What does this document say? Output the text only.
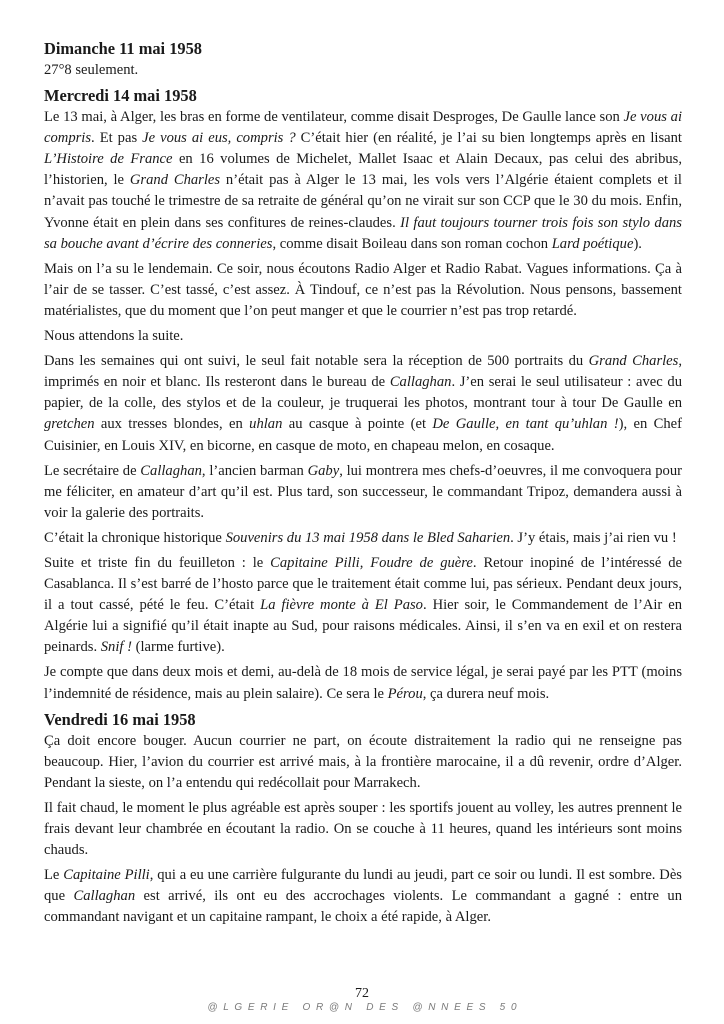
Dimanche 11 mai 1958

27°8 seulement.

Mercredi 14 mai 1958

Le 13 mai, à Alger, les bras en forme de ventilateur, comme disait Desproges, De Gaulle lance son Je vous ai compris. Et pas Je vous ai eus, compris ? C’était hier (en réalité, je l’ai su bien longtemps après en lisant L’Histoire de France en 16 volumes de Michelet, Mallet Isaac et Alain Decaux, pas celui des abribus, l’historien, le Grand Charles n’était pas à Alger le 13 mai, les vols vers l’Algérie étaient complets et il n’avait pas touché le trimestre de sa retraite de général qu’on ne virait sur son CCP que le 30 du mois. Enfin, Yvonne était en plein dans ses confitures de reines-claudes. Il faut toujours tourner trois fois son stylo dans sa bouche avant d’écrire des conneries, comme disait Boileau dans son roman cochon Lard poétique).

Mais on l’a su le lendemain. Ce soir, nous écoutons Radio Alger et Radio Rabat. Vagues informations. Ça à l’air de se tasser. C’est tassé, c’est assez. À Tindouf, ce n’est pas la Révolution. Nous pensons, bassement matérialistes, que du moment que l’on peut manger et que le courrier n’est pas trop retardé.

Nous attendons la suite.

Dans les semaines qui ont suivi, le seul fait notable sera la réception de 500 portraits du Grand Charles, imprimés en noir et blanc. Ils resteront dans le bureau de Callaghan. J’en serai le seul utilisateur : avec du papier, de la colle, des stylos et de la couleur, je truquerai les photos, montrant tour à tour De Gaulle en gretchen aux tresses blondes, en uhlan au casque à pointe (et De Gaulle, en tant qu’uhlan !), en Chef Cuisinier, en Louis XIV, en bicorne, en casque de moto, en chapeau melon, en cosaque.

Le secrétaire de Callaghan, l’ancien barman Gaby, lui montrera mes chefs-d’oeuvres, il me convoquera pour me féliciter, en amateur d’art qu’il est. Plus tard, son successeur, le commandant Tripoz, demandera aussi à voir la galerie des portraits.

C’était la chronique historique Souvenirs du 13 mai 1958 dans le Bled Saharien. J’y étais, mais j’ai rien vu !

Suite et triste fin du feuilleton : le Capitaine Pilli, Foudre de guère. Retour inopiné de l’intéressé de Casablanca. Il s’est barré de l’hosto parce que le traitement était comme lui, pas sérieux. Pendant deux jours, il a tout cassé, pété le feu. C’était La fièvre monte à El Paso. Hier soir, le Commandement de l’Air en Algérie lui a signifié qu’il était inapte au Sud, pour raisons médicales. Ainsi, il s’en va en exil et on restera peinards. Snif ! (larme furtive).

Je compte que dans deux mois et demi, au-delà de 18 mois de service légal, je serai payé par les PTT (moins l’indemnité de résidence, mais au plein salaire). Ce sera le Pérou, ça durera neuf mois.

Vendredi 16 mai 1958

Ça doit encore bouger. Aucun courrier ne part, on écoute distraitement la radio qui ne renseigne pas beaucoup. Hier, l’avion du courrier est arrivé mais, à la frontière marocaine, il a dû revenir, ordre d’Alger. Pendant la sieste, on l’a entendu qui redécollait pour Marrakech.

Il fait chaud, le moment le plus agréable est après souper : les sportifs jouent au volley, les autres prennent le frais devant leur chambrée en écoutant la radio. On se couche à 11 heures, quand les intérieurs sont moins chauds.

Le Capitaine Pilli, qui a eu une carrière fulgurante du lundi au jeudi, part ce soir ou lundi. Il est sombre. Dès que Callaghan est arrivé, ils ont eu des accrochages violents. Le commandant a gagné : entre un commandant navigant et un capitaine rampant, le choix a été rapide, à Alger.

72
@  L  G  E  R  I  E     O  R  @  N     D  E  S     @  N  N  E  E  S     5  0
